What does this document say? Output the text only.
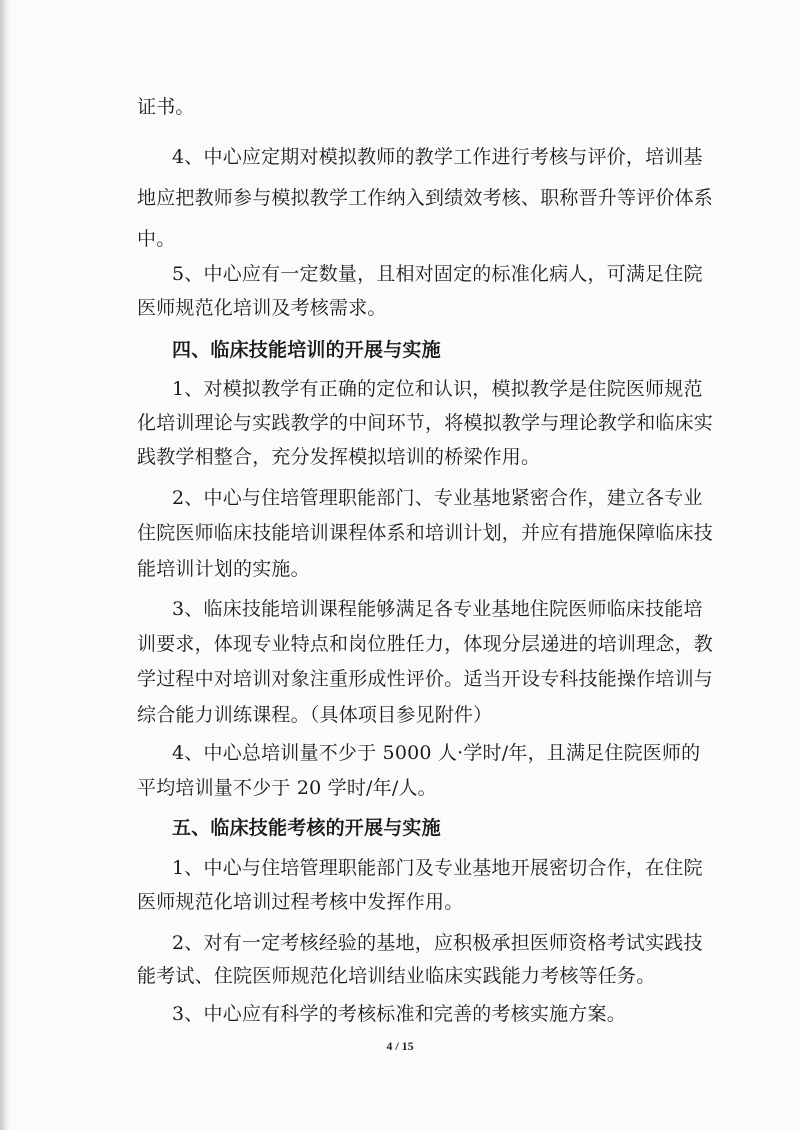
证书。
4、中心应定期对模拟教师的教学工作进行考核与评价，培训基
地应把教师参与模拟教学工作纳入到绩效考核、职称晋升等评价体系
中。
5、中心应有一定数量，且相对固定的标准化病人，可满足住院
医师规范化培训及考核需求。
四、临床技能培训的开展与实施
1、对模拟教学有正确的定位和认识，模拟教学是住院医师规范
化培训理论与实践教学的中间环节，将模拟教学与理论教学和临床实
践教学相整合，充分发挥模拟培训的桥梁作用。
2、中心与住培管理职能部门、专业基地紧密合作，建立各专业
住院医师临床技能培训课程体系和培训计划，并应有措施保障临床技
能培训计划的实施。
3、临床技能培训课程能够满足各专业基地住院医师临床技能培
训要求，体现专业特点和岗位胜任力，体现分层递进的培训理念，教
学过程中对培训对象注重形成性评价。适当开设专科技能操作培训与
综合能力训练课程。（具体项目参见附件）
4、中心总培训量不少于 5000 人·学时/年，且满足住院医师的
平均培训量不少于 20 学时/年/人。
五、临床技能考核的开展与实施
1、中心与住培管理职能部门及专业基地开展密切合作，在住院
医师规范化培训过程考核中发挥作用。
2、对有一定考核经验的基地，应积极承担医师资格考试实践技
能考试、住院医师规范化培训结业临床实践能力考核等任务。
3、中心应有科学的考核标准和完善的考核实施方案。
4 / 15
